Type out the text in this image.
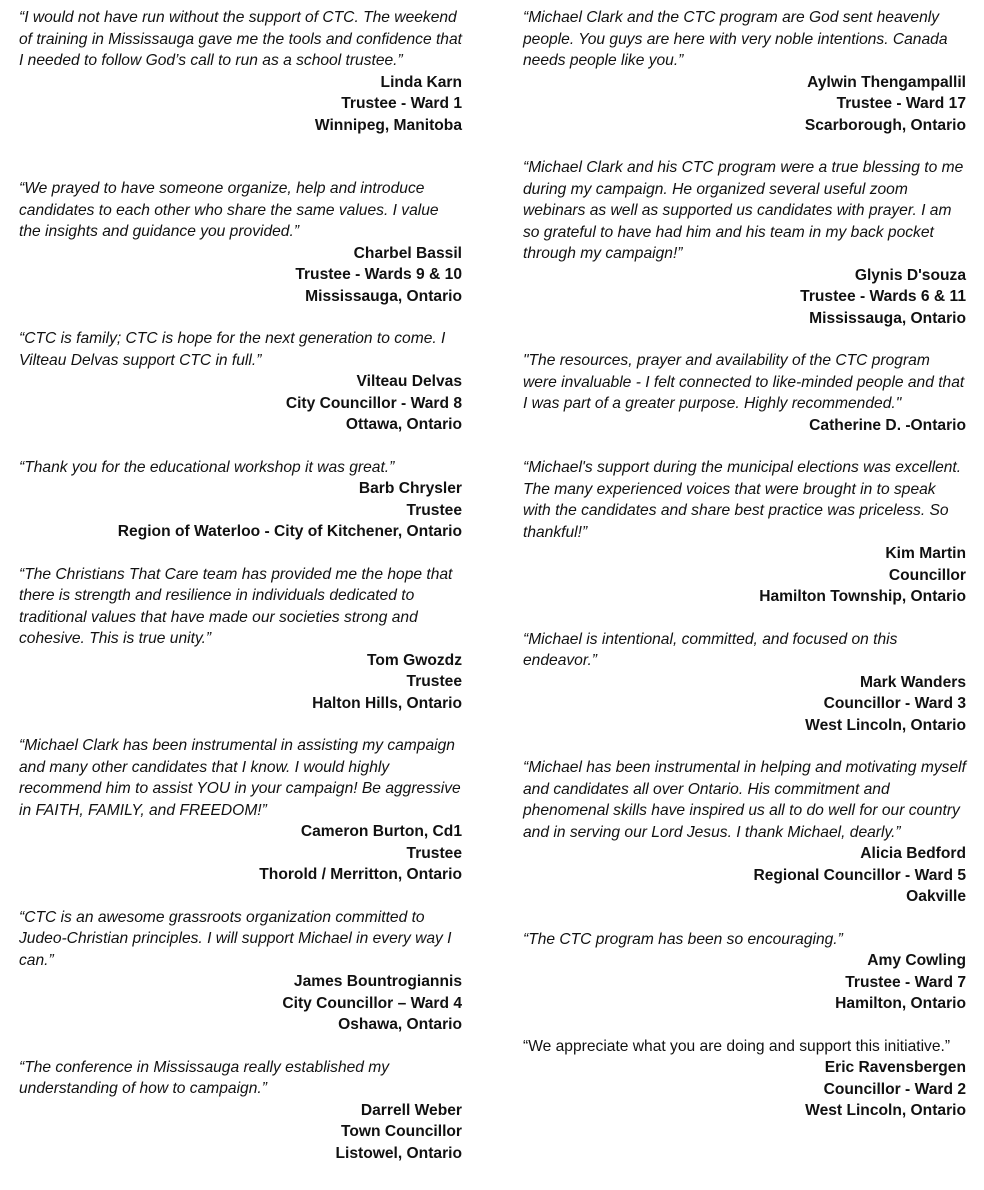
“I would not have run without the support of CTC. The weekend of training in Mississauga gave me the tools and confidence that I needed to follow God’s call to run as a school trustee.”

Linda Karn
Trustee - Ward 1
Winnipeg, Manitoba

“We prayed to have someone organize, help and introduce candidates to each other who share the same values. I value the insights and guidance you provided.”

Charbel Bassil
Trustee - Wards 9 & 10
Mississauga, Ontario

“CTC is family; CTC is hope for the next generation to come. I Vilteau Delvas support CTC in full.”

Vilteau Delvas
City Councillor - Ward 8
Ottawa, Ontario

“Thank you for the educational workshop it was great.”

Barb Chrysler
Trustee
Region of Waterloo - City of Kitchener, Ontario

“The Christians That Care team has provided me the hope that there is strength and resilience in individuals dedicated to traditional values that have made our societies strong and cohesive. This is true unity.”

Tom Gwozdz
Trustee
Halton Hills, Ontario

“Michael Clark has been instrumental in assisting my campaign and many other candidates that I know. I would highly recommend him to assist YOU in your campaign! Be aggressive in FAITH, FAMILY, and FREEDOM!”

Cameron Burton, Cd1
Trustee
Thorold / Merritton, Ontario

“CTC is an awesome grassroots organization committed to Judeo-Christian principles. I will support Michael in every way I can.”

James Bountrogiannis
City Councillor – Ward 4
Oshawa, Ontario

“The conference in Mississauga really established my understanding of how to campaign.”

Darrell Weber
Town Councillor
Listowel, Ontario

“Michael Clark and the CTC program are God sent heavenly people. You guys are here with very noble intentions. Canada needs people like you.”

Aylwin Thengampallil
Trustee - Ward 17
Scarborough, Ontario

“Michael Clark and his CTC program were a true blessing to me during my campaign. He organized several useful zoom webinars as well as supported us candidates with prayer. I am so grateful to have had him and his team in my back pocket through my campaign!”

Glynis D'souza
Trustee - Wards 6 & 11
Mississauga, Ontario

"The resources, prayer and availability of the CTC program were invaluable - I felt connected to like-minded people and that I was part of a greater purpose. Highly recommended."

Catherine D. -Ontario

“Michael's support during the municipal elections was excellent. The many experienced voices that were brought in to speak with the candidates and share best practice was priceless. So thankful!”

Kim Martin
Councillor
Hamilton Township, Ontario

“Michael is intentional, committed, and focused on this endeavor.”

Mark Wanders
Councillor - Ward 3
West Lincoln, Ontario

“Michael has been instrumental in helping and motivating myself and candidates all over Ontario. His commitment and phenomenal skills have inspired us all to do well for our country and in serving our Lord Jesus. I thank Michael, dearly.”

Alicia Bedford
Regional Councillor - Ward 5
Oakville

“The CTC program has been so encouraging.”

Amy Cowling
Trustee - Ward 7
Hamilton, Ontario

“We appreciate what you are doing and support this initiative.”

Eric Ravensbergen
Councillor - Ward 2
West Lincoln, Ontario
